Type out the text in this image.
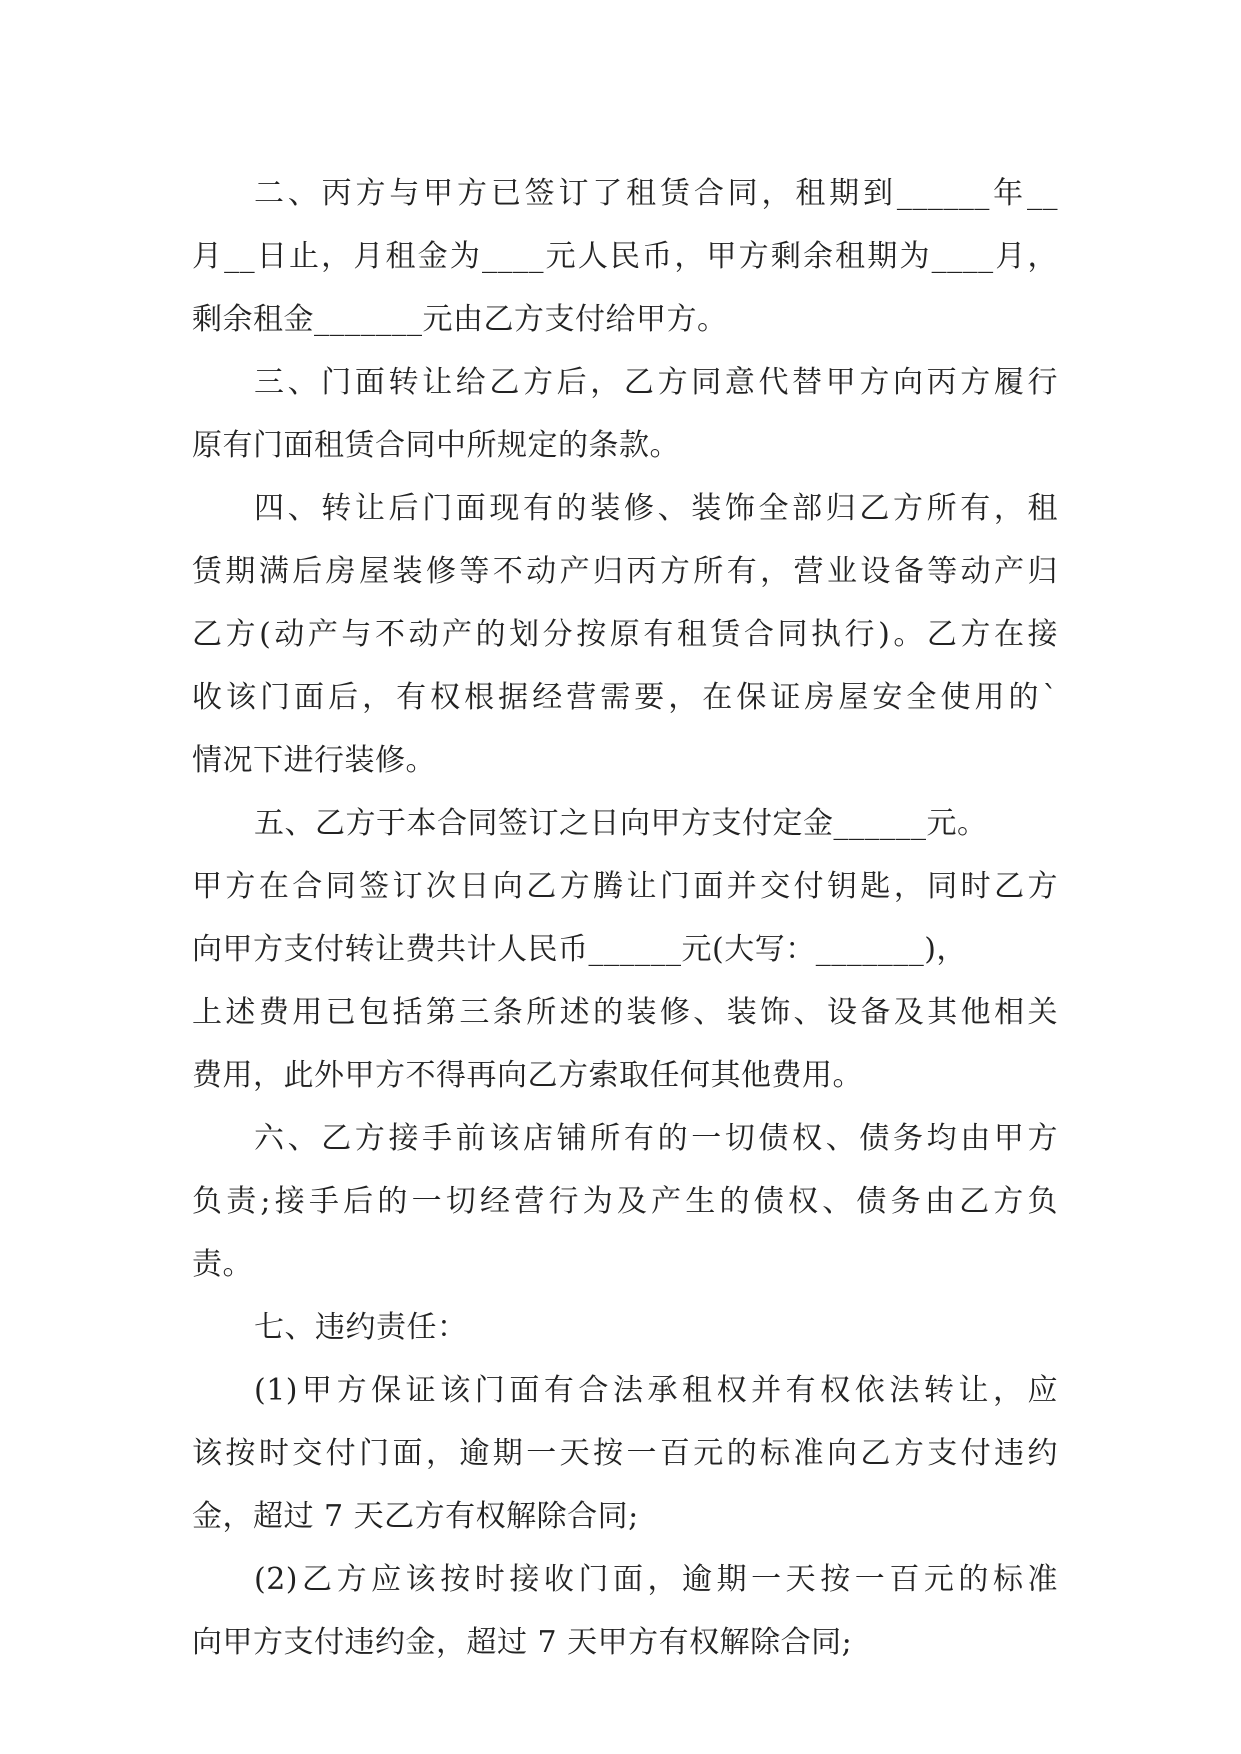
二、丙方与甲方已签订了租赁合同，租期到______年__
月__日止，月租金为____元人民币，甲方剩余租期为____月，
剩余租金_______元由乙方支付给甲方。
三、门面转让给乙方后，乙方同意代替甲方向丙方履行
原有门面租赁合同中所规定的条款。
四、转让后门面现有的装修、装饰全部归乙方所有，租
赁期满后房屋装修等不动产归丙方所有，营业设备等动产归
乙方(动产与不动产的划分按原有租赁合同执行)。乙方在接
收该门面后，有权根据经营需要，在保证房屋安全使用的`
情况下进行装修。
五、乙方于本合同签订之日向甲方支付定金______元。
甲方在合同签订次日向乙方腾让门面并交付钥匙，同时乙方
向甲方支付转让费共计人民币______元(大写：_______)，
上述费用已包括第三条所述的装修、装饰、设备及其他相关
费用，此外甲方不得再向乙方索取任何其他费用。
六、乙方接手前该店铺所有的一切债权、债务均由甲方
负责;接手后的一切经营行为及产生的债权、债务由乙方负
责。
七、违约责任：
(1)甲方保证该门面有合法承租权并有权依法转让，应
该按时交付门面，逾期一天按一百元的标准向乙方支付违约
金，超过 7 天乙方有权解除合同;
(2)乙方应该按时接收门面，逾期一天按一百元的标准
向甲方支付违约金，超过 7 天甲方有权解除合同;
